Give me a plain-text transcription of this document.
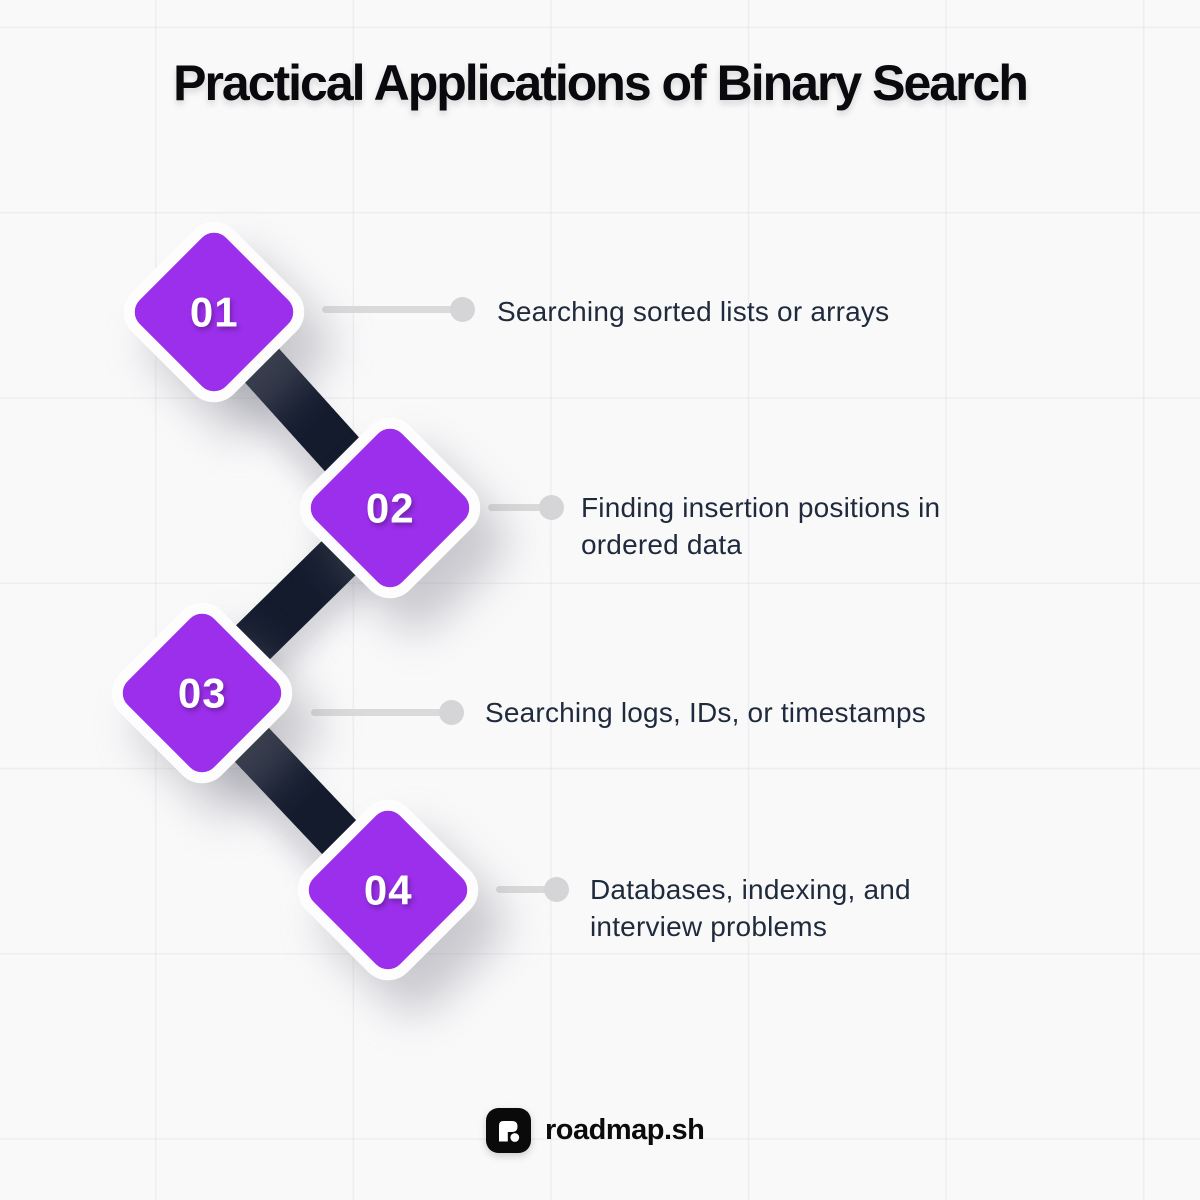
Practical Applications of Binary Search
01	Searching sorted lists or arrays
02	Finding insertion positions in
ordered data
03	Searching logs, IDs, or timestamps
04	Databases, indexing, and
interview problems
roadmap.sh
